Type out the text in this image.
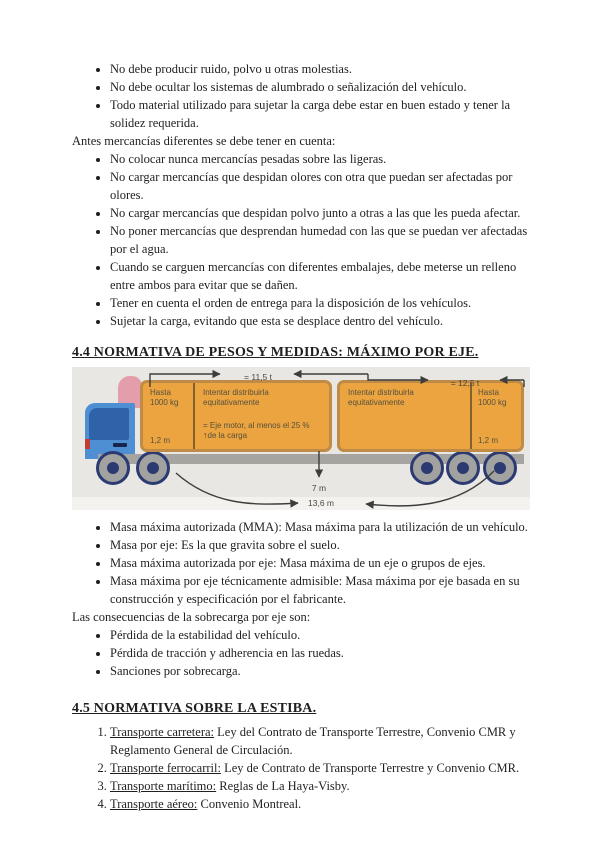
• No debe producir ruido, polvo u otras molestias.
• No debe ocultar los sistemas de alumbrado o señalización del vehículo.
• Todo material utilizado para sujetar la carga debe estar en buen estado y tener la solidez requerida.

Antes mercancías diferentes se debe tener en cuenta:

• No colocar nunca mercancías pesadas sobre las ligeras.
• No cargar mercancías que despidan olores con otra que puedan ser afectadas por olores.
• No cargar mercancías que despidan polvo junto a otras a las que les pueda afectar.
• No poner mercancías que desprendan humedad con las que se puedan ver afectadas por el agua.
• Cuando se carguen mercancías con diferentes embalajes, debe meterse un relleno entre ambos para evitar que se dañen.
• Tener en cuenta el orden de entrega para la disposición de los vehículos.
• Sujetar la carga, evitando que esta se desplace dentro del vehículo.
4.4 NORMATIVA DE PESOS Y MEDIDAS: MÁXIMO POR EJE.
Hasta

1000 kg
1,2 m
Intentar distribuirla

equitativamente
= Eje motor, al menos el 25 %

↑ de la carga
Intentar distribuirla

equitativamente
Hasta

1000 kg
1,2 m
= 11,5 t
= 12,5 t
7 m
13,6 m
• Masa máxima autorizada (MMA): Masa máxima para la utilización de un vehículo.
• Masa por eje: Es la que gravita sobre el suelo.
• Masa máxima autorizada por eje: Masa máxima de un eje o grupos de ejes.
• Masa máxima por eje técnicamente admisible: Masa máxima por eje basada en su construcción y especificación por el fabricante.

Las consecuencias de la sobrecarga por eje son:

• Pérdida de la estabilidad del vehículo.
• Pérdida de tracción y adherencia en las ruedas.
• Sanciones por sobrecarga.
4.5 NORMATIVA SOBRE LA ESTIBA.
1. Transporte carretera: Ley del Contrato de Transporte Terrestre, Convenio CMR y Reglamento General de Circulación.
2. Transporte ferrocarril: Ley de Contrato de Transporte Terrestre y Convenio CMR.
3. Transporte marítimo: Reglas de La Haya-Visby.
4. Transporte aéreo: Convenio Montreal.
